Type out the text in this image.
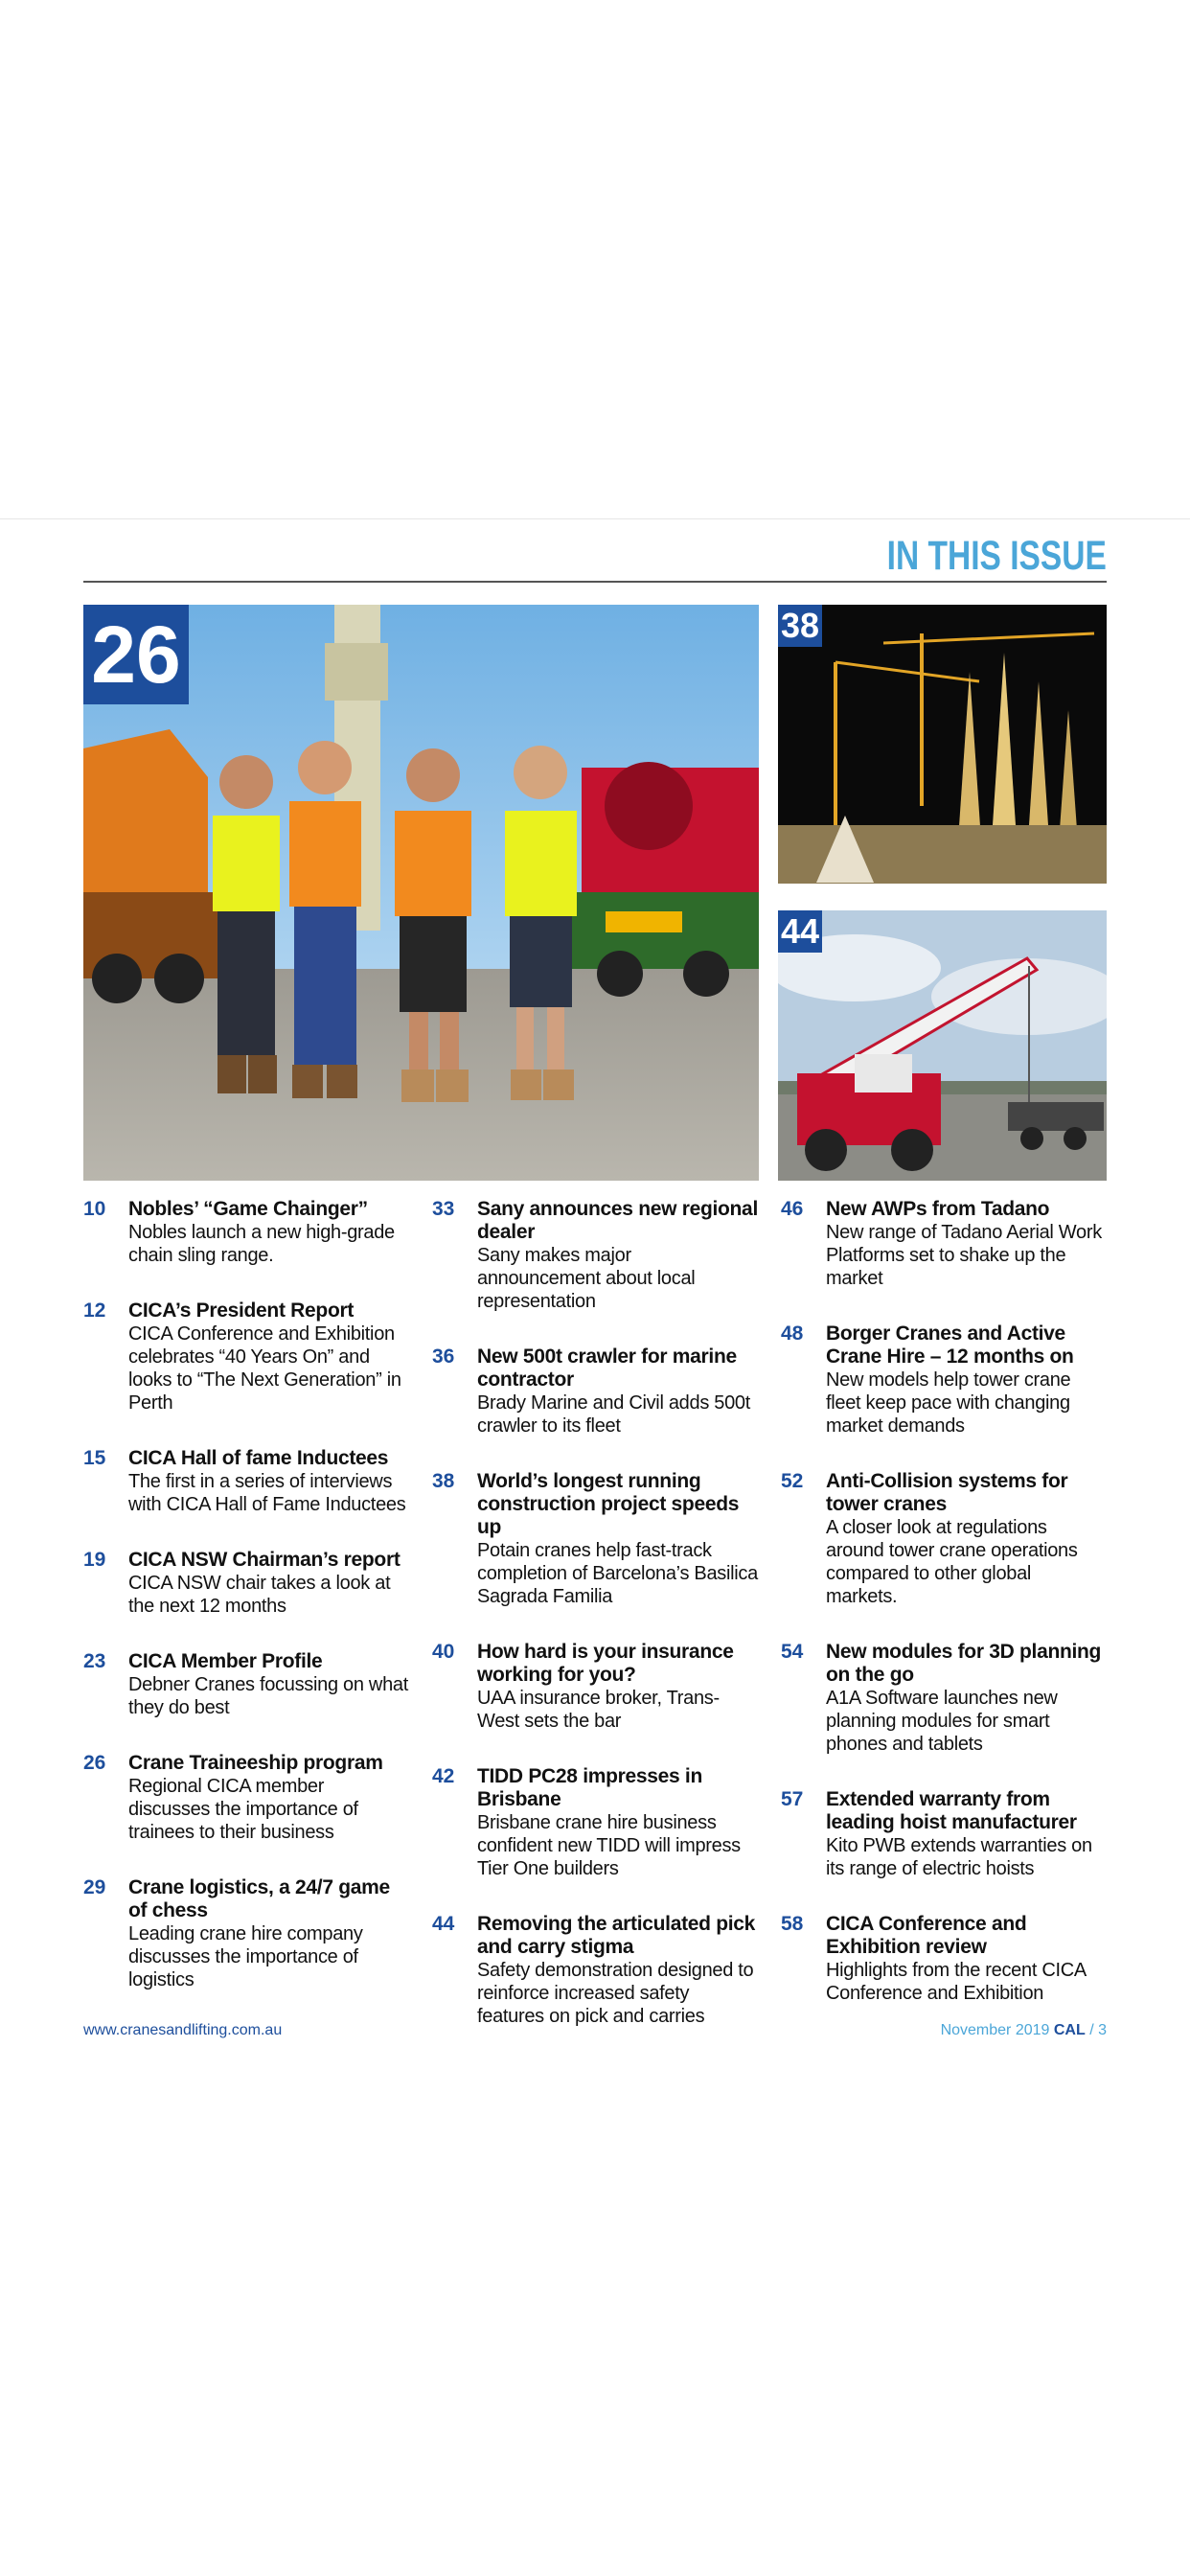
IN THIS ISSUE
26	38
44
10 Nobles’ “Game Chainger”
Nobles launch a new high-grade chain sling range.
12 CICA’s President Report
CICA Conference and Exhibition celebrates “40 Years On” and looks to “The Next Generation” in Perth
15 CICA Hall of fame Inductees
The first in a series of interviews with CICA Hall of Fame Inductees
19 CICA NSW Chairman’s report
CICA NSW chair takes a look at the next 12 months
23 CICA Member Profile
Debner Cranes focussing on what they do best
26 Crane Traineeship program
Regional CICA member discusses the importance of trainees to their business
29 Crane logistics, a 24/7 game of chess
Leading crane hire company discusses the importance of logistics
33 Sany announces new regional dealer
Sany makes major announcement about local representation
36 New 500t crawler for marine contractor
Brady Marine and Civil adds 500t crawler to its fleet
38 World’s longest running construction project speeds up
Potain cranes help fast-track completion of Barcelona’s Basilica Sagrada Familia
40 How hard is your insurance working for you?
UAA insurance broker, Trans-West sets the bar
42 TIDD PC28 impresses in Brisbane
Brisbane crane hire business confident new TIDD will impress Tier One builders
44 Removing the articulated pick and carry stigma
Safety demonstration designed to reinforce increased safety features on pick and carries
46 New AWPs from Tadano
New range of Tadano Aerial Work Platforms set to shake up the market
48 Borger Cranes and Active Crane Hire – 12 months on
New models help tower crane fleet keep pace with changing market demands
52 Anti-Collision systems for tower cranes
A closer look at regulations around tower crane operations compared to other global markets.
54 New modules for 3D planning on the go
A1A Software launches new planning modules for smart phones and tablets
57 Extended warranty from leading hoist manufacturer
Kito PWB extends warranties on its range of electric hoists
58 CICA Conference and Exhibition review
Highlights from the recent CICA Conference and Exhibition
www.cranesandlifting.com.au	November 2019 CAL / 3
